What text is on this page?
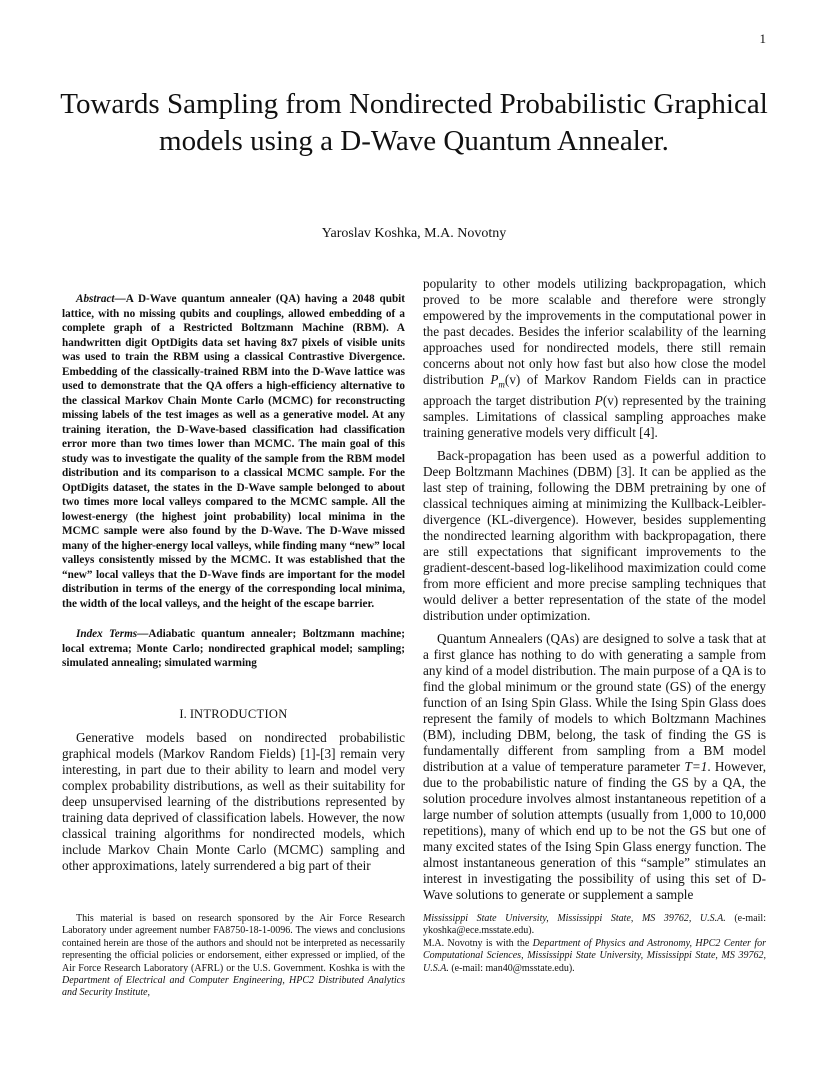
1
Towards Sampling from Nondirected Probabilistic Graphical models using a D-Wave Quantum Annealer.
Yaroslav Koshka, M.A. Novotny

Abstract—A D-Wave quantum annealer (QA) having a 2048 qubit lattice, with no missing qubits and couplings, allowed embedding of a complete graph of a Restricted Boltzmann Machine (RBM). A handwritten digit OptDigits data set having 8x7 pixels of visible units was used to train the RBM using a classical Contrastive Divergence. Embedding of the classically-trained RBM into the D-Wave lattice was used to demonstrate that the QA offers a high-efficiency alternative to the classical Markov Chain Monte Carlo (MCMC) for reconstructing missing labels of the test images as well as a generative model. At any training iteration, the D-Wave-based classification had classification error more than two times lower than MCMC. The main goal of this study was to investigate the quality of the sample from the RBM model distribution and its comparison to a classical MCMC sample. For the OptDigits dataset, the states in the D-Wave sample belonged to about two times more local valleys compared to the MCMC sample. All the lowest-energy (the highest joint probability) local minima in the MCMC sample were also found by the D-Wave. The D-Wave missed many of the higher-energy local valleys, while finding many “new” local valleys consistently missed by the MCMC. It was established that the “new” local valleys that the D-Wave finds are important for the model distribution in terms of the energy of the corresponding local minima, the width of the local valleys, and the height of the escape barrier.

Index Terms—Adiabatic quantum annealer; Boltzmann machine; local extrema; Monte Carlo; nondirected graphical model; sampling; simulated annealing; simulated warming

I. INTRODUCTION

Generative models based on nondirected probabilistic graphical models (Markov Random Fields) [1]-[3] remain very interesting, in part due to their ability to learn and model very complex probability distributions, as well as their suitability for deep unsupervised learning of the distributions represented by training data deprived of classification labels. However, the now classical training algorithms for nondirected models, which include Markov Chain Monte Carlo (MCMC) sampling and other approximations, lately surrendered a big part of their

popularity to other models utilizing backpropagation, which proved to be more scalable and therefore were strongly empowered by the improvements in the computational power in the past decades. Besides the inferior scalability of the learning approaches used for nondirected models, there still remain concerns about not only how fast but also how close the model distribution $P_m(v)$ of Markov Random Fields can in practice approach the target distribution P(v) represented by the training samples. Limitations of classical sampling approaches make training generative models very difficult [4].

Back-propagation has been used as a powerful addition to Deep Boltzmann Machines (DBM) [3]. It can be applied as the last step of training, following the DBM pretraining by one of classical techniques aiming at minimizing the Kullback-Leibler-divergence (KL-divergence). However, besides supplementing the nondirected learning algorithm with backpropagation, there are still expectations that significant improvements to the gradient-descent-based log-likelihood maximization could come from more efficient and more precise sampling techniques that would deliver a better representation of the state of the model distribution under optimization.

Quantum Annealers (QAs) are designed to solve a task that at a first glance has nothing to do with generating a sample from any kind of a model distribution. The main purpose of a QA is to find the global minimum or the ground state (GS) of the energy function of an Ising Spin Glass. While the Ising Spin Glass does represent the family of models to which Boltzmann Machines (BM), including DBM, belong, the task of finding the GS is fundamentally different from sampling from a BM model distribution at a value of temperature parameter T=1. However, due to the probabilistic nature of finding the GS by a QA, the solution procedure involves almost instantaneous repetition of a large number of solution attempts (usually from 1,000 to 10,000 repetitions), many of which end up to be not the GS but one of many excited states of the Ising Spin Glass energy function. The almost instantaneous generation of this “sample” stimulates an interest in investigating the possibility of using this set of D-Wave solutions to generate or supplement a sample

This material is based on research sponsored by the Air Force Research Laboratory under agreement number FA8750-18-1-0096. The views and conclusions contained herein are those of the authors and should not be interpreted as necessarily representing the official policies or endorsement, either expressed or implied, of the Air Force Research Laboratory (AFRL) or the U.S. Government. Koshka is with the Department of Electrical and Computer Engineering, HPC2 Distributed Analytics and Security Institute,

Mississippi State University, Mississippi State, MS 39762, U.S.A. (e-mail: ykoshka@ece.msstate.edu).

M.A. Novotny is with the Department of Physics and Astronomy, HPC2 Center for Computational Sciences, Mississippi State University, Mississippi State, MS 39762, U.S.A. (e-mail: man40@msstate.edu).
